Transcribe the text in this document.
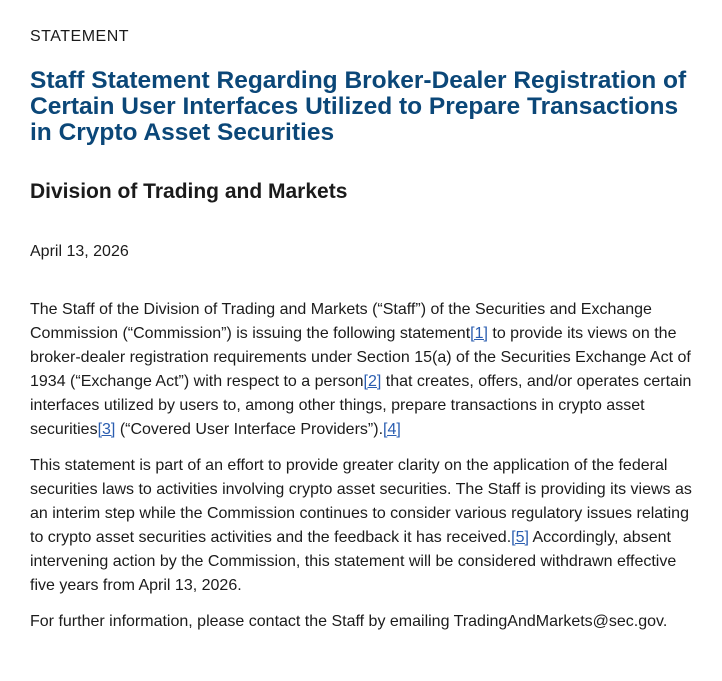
STATEMENT
Staff Statement Regarding Broker-Dealer Registration of Certain User Interfaces Utilized to Prepare Transactions in Crypto Asset Securities
Division of Trading and Markets
April 13, 2026

The Staff of the Division of Trading and Markets (“Staff”) of the Securities and Exchange Commission (“Commission”) is issuing the following statement[1] to provide its views on the broker-dealer registration requirements under Section 15(a) of the Securities Exchange Act of 1934 (“Exchange Act”) with respect to a person[2] that creates, offers, and/or operates certain interfaces utilized by users to, among other things, prepare transactions in crypto asset securities[3] (“Covered User Interface Providers”).[4]

This statement is part of an effort to provide greater clarity on the application of the federal securities laws to activities involving crypto asset securities. The Staff is providing its views as an interim step while the Commission continues to consider various regulatory issues relating to crypto asset securities activities and the feedback it has received.[5] Accordingly, absent intervening action by the Commission, this statement will be considered withdrawn effective five years from April 13, 2026.

For further information, please contact the Staff by emailing TradingAndMarkets@sec.gov.
